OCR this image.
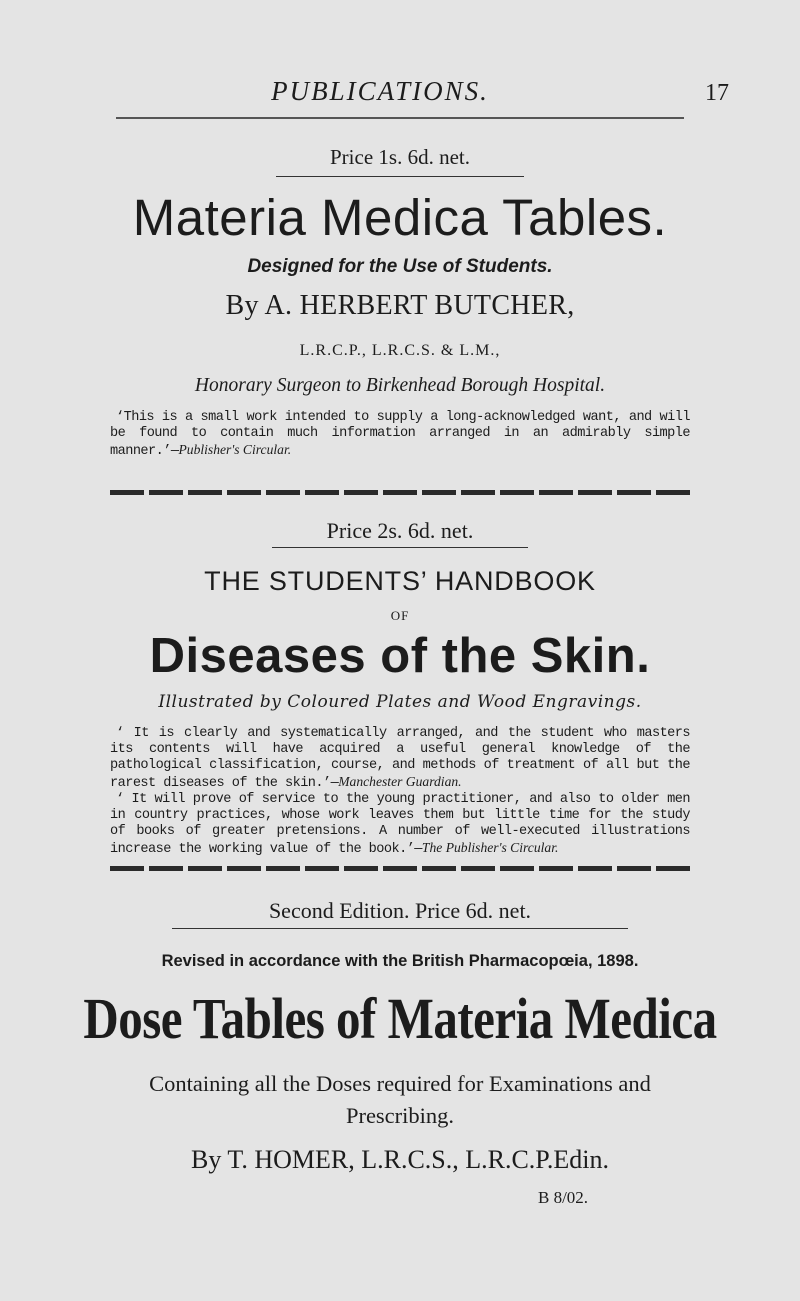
PUBLICATIONS.	17
Price 1s. 6d. net.
Materia Medica Tables.
Designed for the Use of Students.
By A. HERBERT BUTCHER,
L.R.C.P., L.R.C.S. & L.M.,
Honorary Surgeon to Birkenhead Borough Hospital.

‘This is a small work intended to supply a long-acknowledged want, and will be found to contain much information arranged in an admirably simple manner.’—Publisher's Circular.

Price 2s. 6d. net.
THE STUDENTS’ HANDBOOK
OF
Diseases of the Skin.
Illustrated by Coloured Plates and Wood Engravings.

‘ It is clearly and systematically arranged, and the student who masters its contents will have acquired a useful general knowledge of the pathological classification, course, and methods of treatment of all but the rarest diseases of the skin.’—Manchester Guardian.

‘ It will prove of service to the young practitioner, and also to older men in country practices, whose work leaves them but little time for the study of books of greater pretensions. A number of well-executed illustrations increase the working value of the book.’—The Publisher's Circular.

Second Edition. Price 6d. net.
Revised in accordance with the British Pharmacopœia, 1898.
Dose Tables of Materia Medica
Containing all the Doses required for Examinations and Prescribing.
By T. HOMER, L.R.C.S., L.R.C.P.Edin.
B 8/02.
